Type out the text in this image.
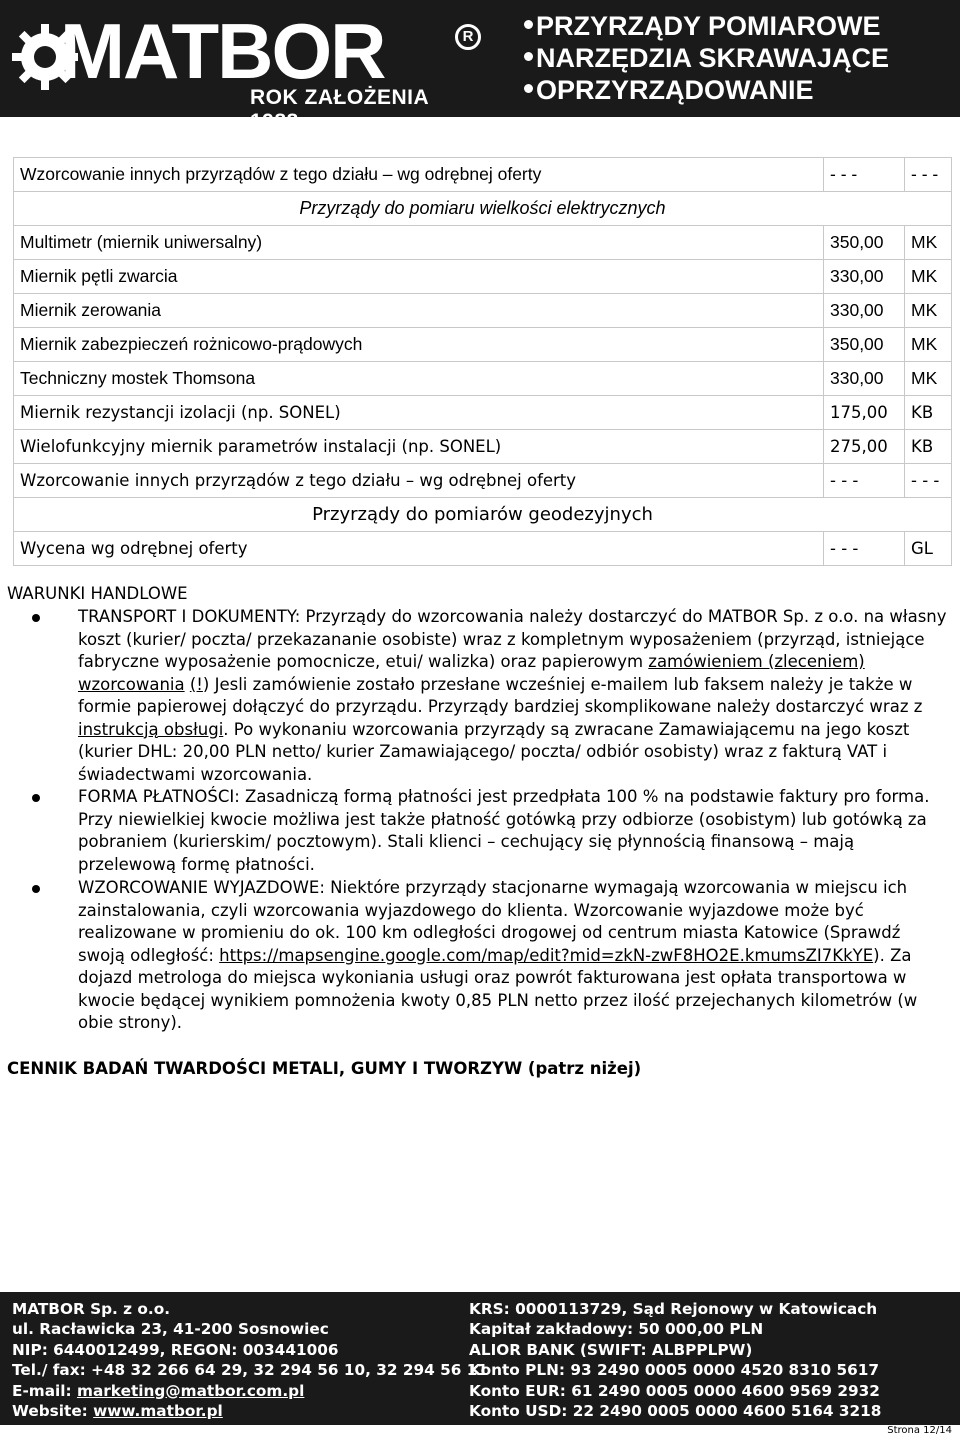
MATBOR	R
ROK ZAŁOŻENIA 1988
PRZYRZĄDY POMIAROWE
NARZĘDZIA SKRAWAJĄCE
OPRZYRZĄDOWANIE
Wzorcowanie innych przyrządów z tego działu – wg odrębnej oferty	- - -	- - -
Przyrządy do pomiaru wielkości elektrycznych		
Multimetr (miernik uniwersalny)	350,00	MK
Miernik pętli zwarcia	330,00	MK
Miernik zerowania	330,00	MK
Miernik zabezpieczeń rożnicowo-prądowych	350,00	MK
Techniczny mostek Thomsona	330,00	MK
Miernik rezystancji izolacji (np. SONEL)	175,00	KB
Wielofunkcyjny miernik parametrów instalacji (np. SONEL)	275,00	KB
Wzorcowanie innych przyrządów z tego działu – wg odrębnej oferty	- - -	- - -
Przyrządy do pomiarów geodezyjnych		
Wycena wg odrębnej oferty	- - -	GL
WARUNKI HANDLOWE
TRANSPORT I DOKUMENTY: Przyrządy do wzorcowania należy dostarczyć do MATBOR Sp. z o.o. na własny koszt (kurier/ poczta/ przekazananie osobiste) wraz z kompletnym wyposażeniem (przyrząd, istniejące fabryczne wyposażenie pomocnicze, etui/ walizka) oraz papierowym zamówieniem (zleceniem) wzorcowania (!) Jesli zamówienie zostało przesłane wcześniej e-mailem lub faksem należy je także w formie papierowej dołączyć do przyrządu. Przyrządy bardziej skomplikowane należy dostarczyć wraz z instrukcją obsługi. Po wykonaniu wzorcowania przyrządy są zwracane Zamawiającemu na jego koszt (kurier DHL: 20,00 PLN netto/ kurier Zamawiającego/ poczta/ odbiór osobisty) wraz z fakturą VAT i świadectwami wzorcowania.
FORMA PŁATNOŚCI: Zasadniczą formą płatności jest przedpłata 100 % na podstawie faktury pro forma. Przy niewielkiej kwocie możliwa jest także płatność gotówką przy odbiorze (osobistym) lub gotówką za pobraniem (kurierskim/ pocztowym). Stali klienci – cechujący się płynnością finansową – mają przelewową formę płatności.
WZORCOWANIE WYJAZDOWE: Niektóre przyrządy stacjonarne wymagają wzorcowania w miejscu ich zainstalowania, czyli wzorcowania wyjazdowego do klienta. Wzorcowanie wyjazdowe może być realizowane w promieniu do ok. 100 km odległości drogowej od centrum miasta Katowice (Sprawdź swoją odległość: https://mapsengine.google.com/map/edit?mid=zkN-zwF8HO2E.kmumsZI7KkYE). Za dojazd metrologa do miejsca wykoniania usługi oraz powrót fakturowana jest opłata transportowa w kwocie będącej wynikiem pomnożenia kwoty 0,85 PLN netto przez ilość przejechanych kilometrów (w obie strony).
CENNIK BADAŃ TWARDOŚCI METALI, GUMY I TWORZYW (patrz niżej)
MATBOR Sp. z o.o.
ul. Racławicka 23, 41-200 Sosnowiec
NIP: 6440012499, REGON: 003441006
Tel./ fax: +48 32 266 64 29, 32 294 56 10, 32 294 56 11
E-mail: marketing@matbor.com.pl
Website: www.matbor.pl
KRS: 0000113729, Sąd Rejonowy w Katowicach
Kapitał zakładowy: 50 000,00 PLN
ALIOR BANK (SWIFT: ALBPPLPW)
Konto PLN: 93 2490 0005 0000 4520 8310 5617
Konto EUR: 61 2490 0005 0000 4600 9569 2932
Konto USD: 22 2490 0005 0000 4600 5164 3218
Strona 12/14
